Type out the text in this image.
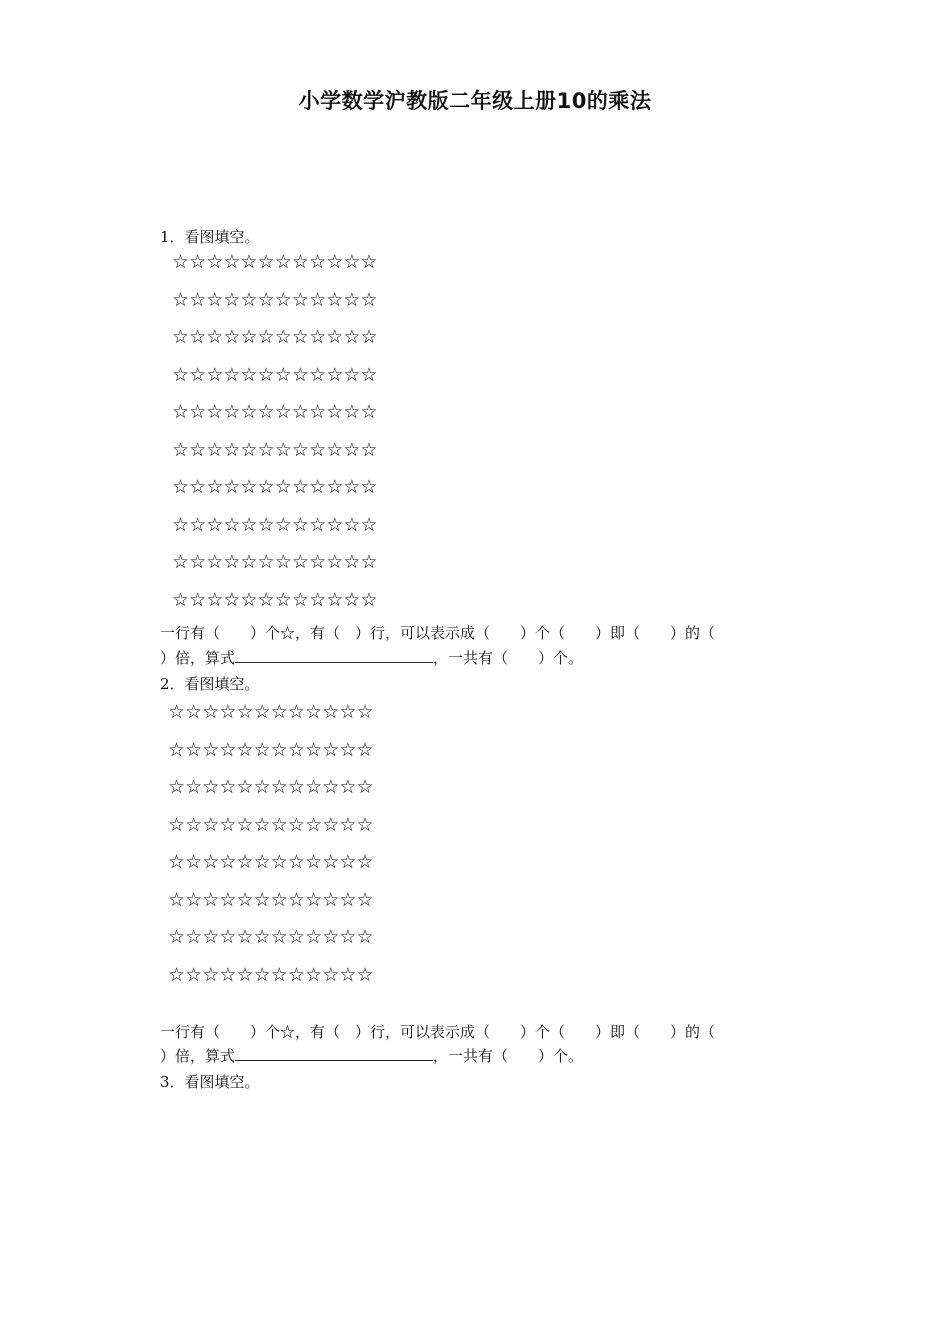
小学数学沪教版二年级上册10的乘法
1．看图填空。
☆☆☆☆☆☆☆☆☆☆☆☆
☆☆☆☆☆☆☆☆☆☆☆☆
☆☆☆☆☆☆☆☆☆☆☆☆
☆☆☆☆☆☆☆☆☆☆☆☆
☆☆☆☆☆☆☆☆☆☆☆☆
☆☆☆☆☆☆☆☆☆☆☆☆
☆☆☆☆☆☆☆☆☆☆☆☆
☆☆☆☆☆☆☆☆☆☆☆☆
☆☆☆☆☆☆☆☆☆☆☆☆
☆☆☆☆☆☆☆☆☆☆☆☆
一行有（　　）个☆，有（　）行，可以表示成（　　）个（　　）即（　　）的（
）倍，算式	，一共有（　　）个。
2．看图填空。
☆☆☆☆☆☆☆☆☆☆☆☆
☆☆☆☆☆☆☆☆☆☆☆☆
☆☆☆☆☆☆☆☆☆☆☆☆
☆☆☆☆☆☆☆☆☆☆☆☆
☆☆☆☆☆☆☆☆☆☆☆☆
☆☆☆☆☆☆☆☆☆☆☆☆
☆☆☆☆☆☆☆☆☆☆☆☆
☆☆☆☆☆☆☆☆☆☆☆☆
一行有（　　）个☆，有（　）行，可以表示成（　　）个（　　）即（　　）的（
）倍，算式	，一共有（　　）个。
3．看图填空。
